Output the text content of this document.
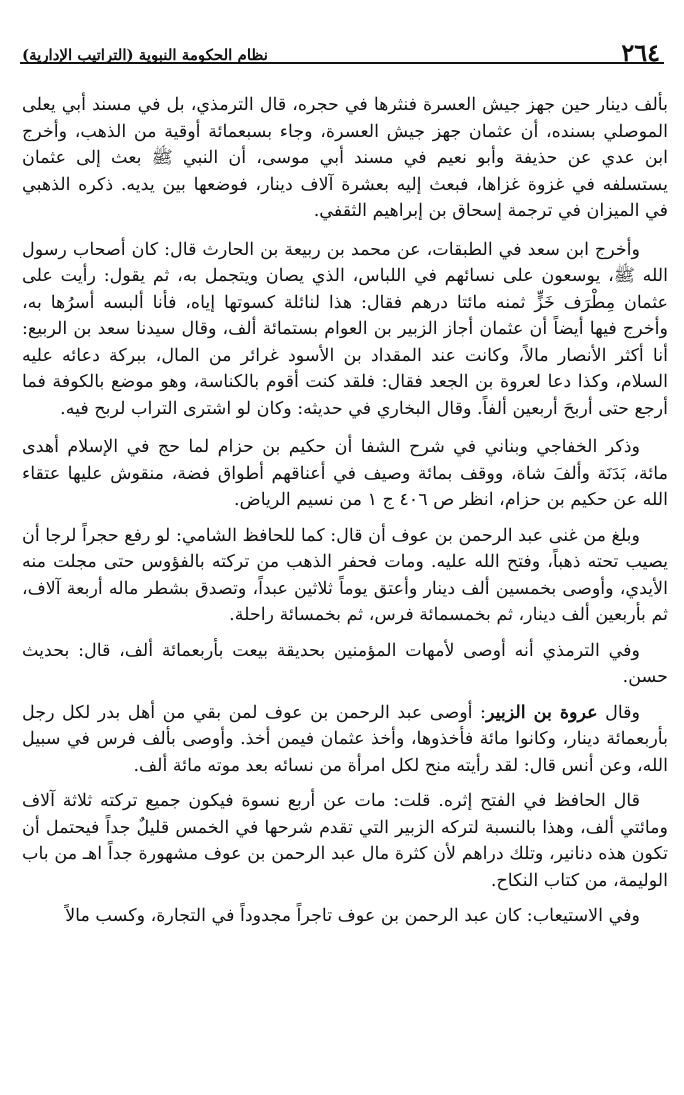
٢٦٤
نظام الحكومة النبوية (التراتيب الإدارية)

بألف دينار حين جهز جيش العسرة فنثرها في حجره، قال الترمذي، بل في مسند أبي يعلى الموصلي بسنده، أن عثمان جهز جيش العسرة، وجاء بسبعمائة أوقية من الذهب، وأخرج ابن عدي عن حذيفة وأبو نعيم في مسند أبي موسى، أن النبي ﷺ بعث إلى عثمان يستسلفه في غزوة غزاها، فبعث إليه بعشرة آلاف دينار، فوضعها بين يديه. ذكره الذهبي في الميزان في ترجمة إسحاق بن إبراهيم الثقفي.

وأخرج ابن سعد في الطبقات، عن محمد بن ربيعة بن الحارث قال: كان أصحاب رسول الله ﷺ، يوسعون على نسائهم في اللباس، الذي يصان ويتجمل به، ثم يقول: رأيت على عثمان مِطْرَف خَزٍّ ثمنه مائتا درهم فقال: هذا لنائلة كسوتها إياه، فأنا ألبسه أسرُها به، وأخرج فيها أيضاً أن عثمان أجاز الزبير بن العوام بستمائة ألف، وقال سيدنا سعد بن الربيع: أنا أكثر الأنصار مالاً، وكانت عند المقداد بن الأسود غرائر من المال، ببركة دعائه عليه السلام، وكذا دعا لعروة بن الجعد فقال: فلقد كنت أقوم بالكناسة، وهو موضع بالكوفة فما أرجع حتى أربحَ أربعين ألفاً. وقال البخاري في حديثه: وكان لو اشترى التراب لربح فيه.

وذكر الخفاجي وبناني في شرح الشفا أن حكيم بن حزام لما حج في الإسلام أهدى مائة، بَدَنَة وألفَ شاة، ووقف بمائة وصيف في أعناقهم أطواق فضة، منقوش عليها عتقاء الله عن حكيم بن حزام، انظر ص ٤٠٦ ج ١ من نسيم الرياض.

وبلغ من غنى عبد الرحمن بن عوف أن قال: كما للحافظ الشامي: لو رفع حجراً لرجا أن يصيب تحته ذهباً، وفتح الله عليه. ومات فحفر الذهب من تركته بالفؤوس حتى مجلت منه الأيدي، وأوصى بخمسين ألف دينار وأعتق يوماً ثلاثين عبداً، وتصدق بشطر ماله أربعة آلاف، ثم بأربعين ألف دينار، ثم بخمسمائة فرس، ثم بخمسائة راحلة.

وفي الترمذي أنه أوصى لأمهات المؤمنين بحديقة بيعت بأربعمائة ألف، قال: بحديث حسن.

وقال عروة بن الزبير: أوصى عبد الرحمن بن عوف لمن بقي من أهل بدر لكل رجل بأربعمائة دينار، وكانوا مائة فأخذوها، وأخذ عثمان فيمن أخذ. وأوصى بألف فرس في سبيل الله، وعن أنس قال: لقد رأيته منح لكل امرأة من نسائه بعد موته مائة ألف.

قال الحافظ في الفتح إثره. قلت: مات عن أربع نسوة فيكون جميع تركته ثلاثة آلاف ومائتي ألف، وهذا بالنسبة لتركه الزبير التي تقدم شرحها في الخمس قليلٌ جداً فيحتمل أن تكون هذه دنانير، وتلك دراهم لأن كثرة مال عبد الرحمن بن عوف مشهورة جداً اهـ من باب الوليمة، من كتاب النكاح.

وفي الاستيعاب: كان عبد الرحمن بن عوف تاجراً مجدوداً في التجارة، وكسب مالاً
